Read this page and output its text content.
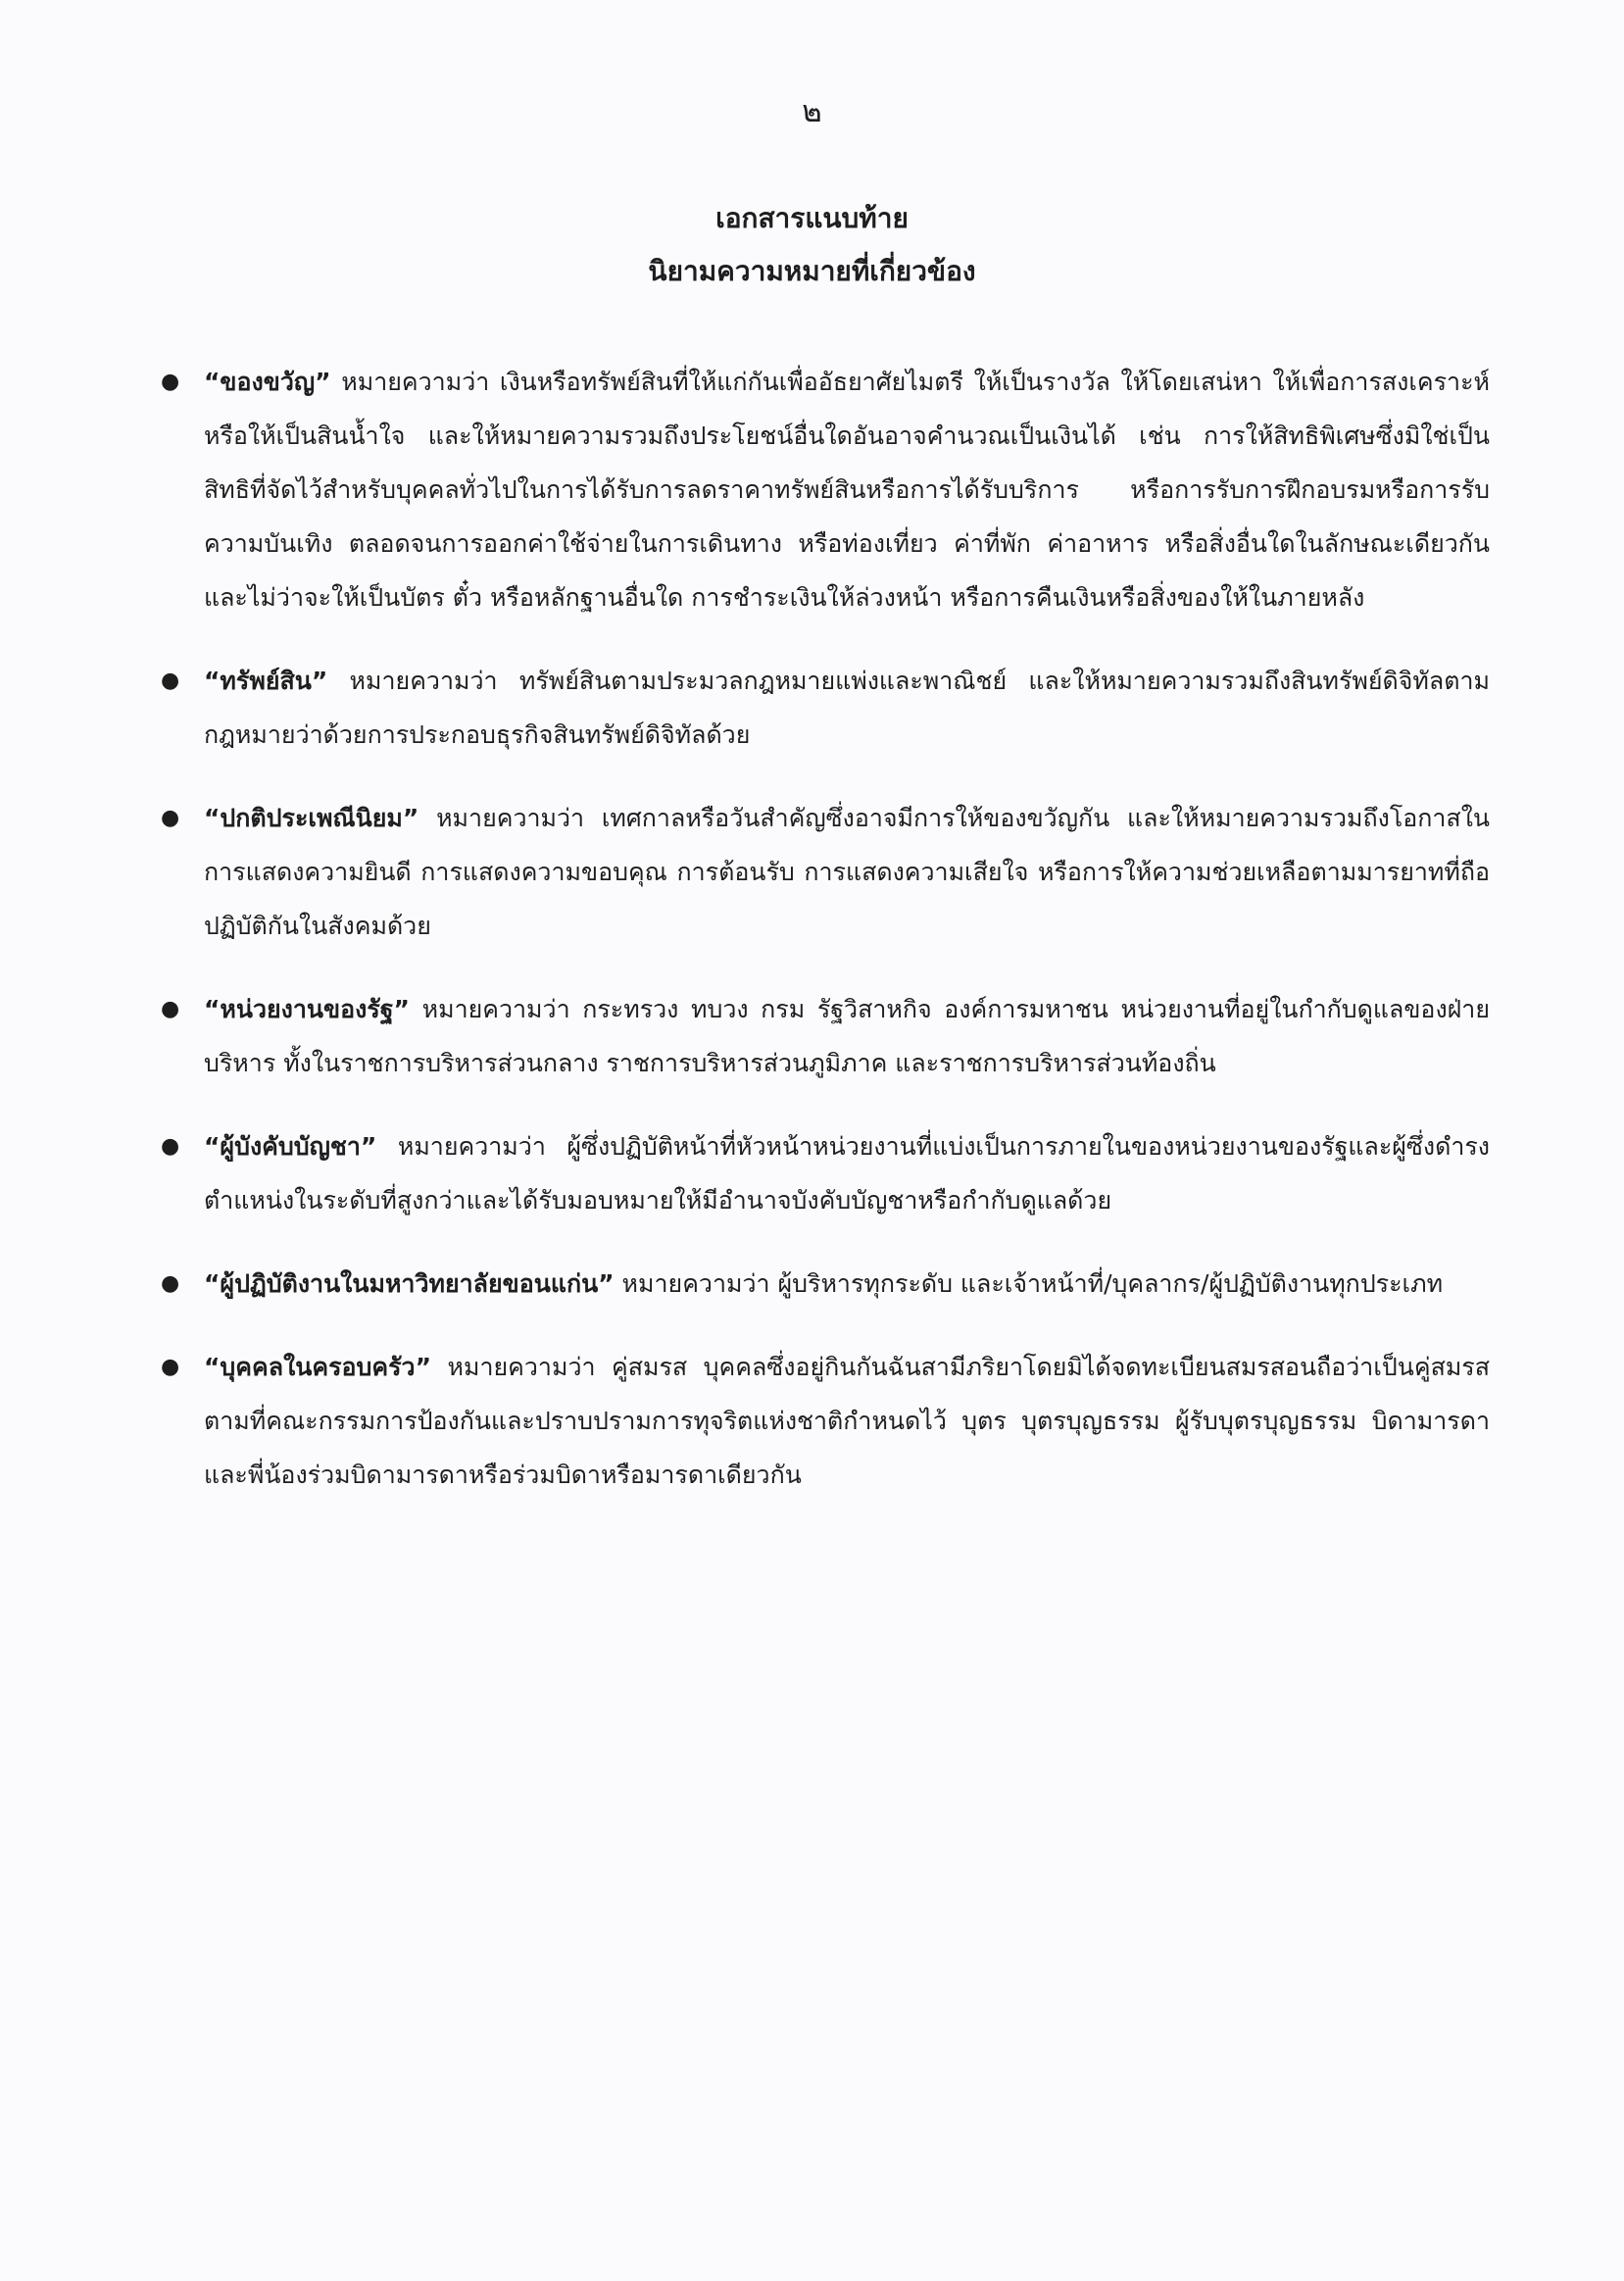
๒
เอกสารแนบท้าย
นิยามความหมายที่เกี่ยวข้อง
● “ของขวัญ” หมายความว่า เงินหรือทรัพย์สินที่ให้แก่กันเพื่ออัธยาศัยไมตรี ให้เป็นรางวัล ให้โดยเสน่หา ให้เพื่อการสงเคราะห์ หรือให้เป็นสินน้ำใจ และให้หมายความรวมถึงประโยชน์อื่นใดอันอาจคำนวณเป็นเงินได้ เช่น การให้สิทธิพิเศษซึ่งมิใช่เป็นสิทธิที่จัดไว้สำหรับบุคคลทั่วไปในการได้รับการลดราคาทรัพย์สินหรือการได้รับบริการ หรือการรับการฝึกอบรมหรือการรับความบันเทิง ตลอดจนการออกค่าใช้จ่ายในการเดินทาง หรือท่องเที่ยว ค่าที่พัก ค่าอาหาร หรือสิ่งอื่นใดในลักษณะเดียวกันและไม่ว่าจะให้เป็นบัตร ตั๋ว หรือหลักฐานอื่นใด การชำระเงินให้ล่วงหน้า หรือการคืนเงินหรือสิ่งของให้ในภายหลัง
● “ทรัพย์สิน” หมายความว่า ทรัพย์สินตามประมวลกฎหมายแพ่งและพาณิชย์ และให้หมายความรวมถึงสินทรัพย์ดิจิทัลตามกฎหมายว่าด้วยการประกอบธุรกิจสินทรัพย์ดิจิทัลด้วย
● “ปกติประเพณีนิยม” หมายความว่า เทศกาลหรือวันสำคัญซึ่งอาจมีการให้ของขวัญกัน และให้หมายความรวมถึงโอกาสในการแสดงความยินดี การแสดงความขอบคุณ การต้อนรับ การแสดงความเสียใจ หรือการให้ความช่วยเหลือตามมารยาทที่ถือปฏิบัติกันในสังคมด้วย
● “หน่วยงานของรัฐ” หมายความว่า กระทรวง ทบวง กรม รัฐวิสาหกิจ องค์การมหาชน หน่วยงานที่อยู่ในกำกับดูแลของฝ่ายบริหาร ทั้งในราชการบริหารส่วนกลาง ราชการบริหารส่วนภูมิภาค และราชการบริหารส่วนท้องถิ่น
● “ผู้บังคับบัญชา” หมายความว่า ผู้ซึ่งปฏิบัติหน้าที่หัวหน้าหน่วยงานที่แบ่งเป็นการภายในของหน่วยงานของรัฐและผู้ซึ่งดำรงตำแหน่งในระดับที่สูงกว่าและได้รับมอบหมายให้มีอำนาจบังคับบัญชาหรือกำกับดูแลด้วย
● “ผู้ปฏิบัติงานในมหาวิทยาลัยขอนแก่น” หมายความว่า ผู้บริหารทุกระดับ และเจ้าหน้าที่/บุคลากร/ผู้ปฏิบัติงานทุกประเภท
● “บุคคลในครอบครัว” หมายความว่า คู่สมรส บุคคลซึ่งอยู่กินกันฉันสามีภริยาโดยมิได้จดทะเบียนสมรสอนถือว่าเป็นคู่สมรสตามที่คณะกรรมการป้องกันและปราบปรามการทุจริตแห่งชาติกำหนดไว้ บุตร บุตรบุญธรรม ผู้รับบุตรบุญธรรม บิดามารดา และพี่น้องร่วมบิดามารดาหรือร่วมบิดาหรือมารดาเดียวกัน
